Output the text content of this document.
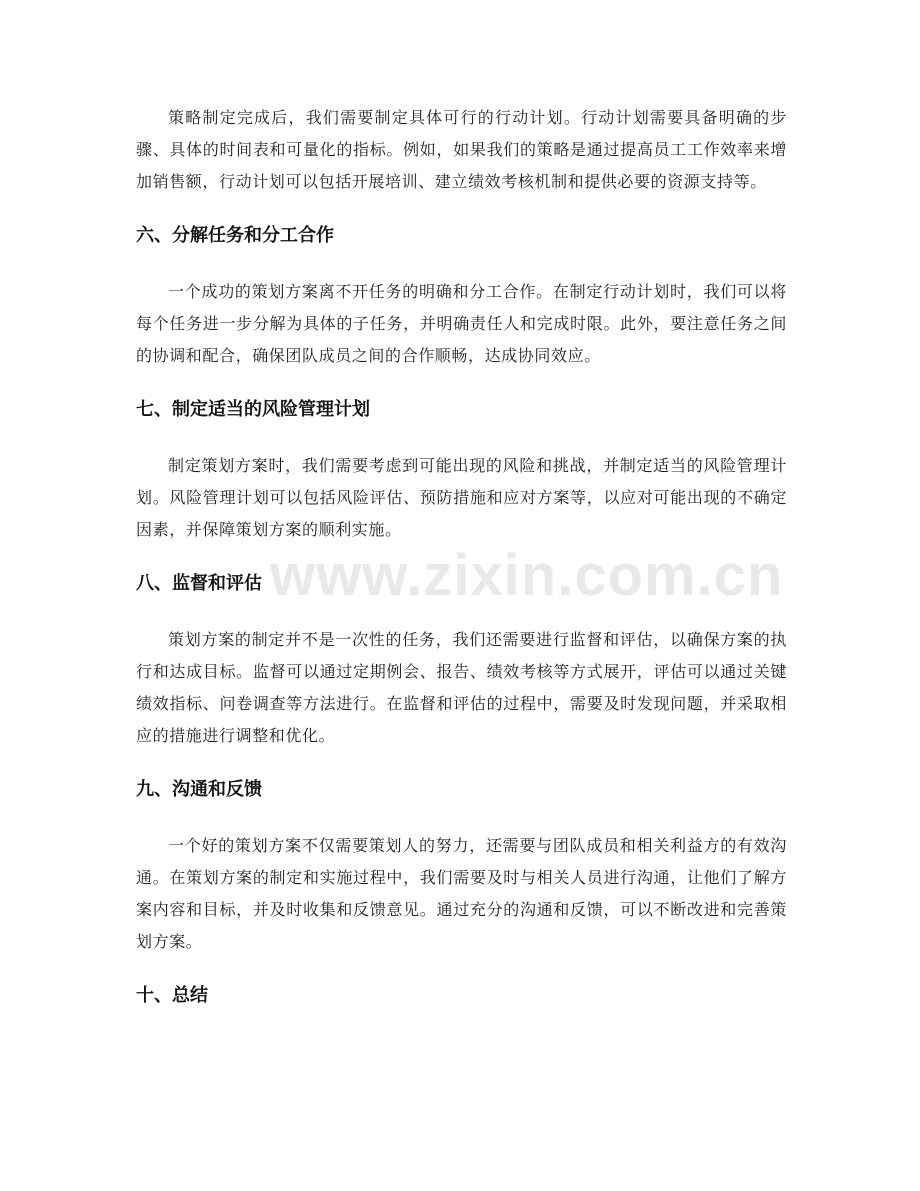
www.zixin.com.cn

策略制定完成后，我们需要制定具体可行的行动计划。行动计划需要具备明确的步骤、具体的时间表和可量化的指标。例如，如果我们的策略是通过提高员工工作效率来增加销售额，行动计划可以包括开展培训、建立绩效考核机制和提供必要的资源支持等。

六、分解任务和分工合作

一个成功的策划方案离不开任务的明确和分工合作。在制定行动计划时，我们可以将每个任务进一步分解为具体的子任务，并明确责任人和完成时限。此外，要注意任务之间的协调和配合，确保团队成员之间的合作顺畅，达成协同效应。

七、制定适当的风险管理计划

制定策划方案时，我们需要考虑到可能出现的风险和挑战，并制定适当的风险管理计划。风险管理计划可以包括风险评估、预防措施和应对方案等，以应对可能出现的不确定因素，并保障策划方案的顺利实施。

八、监督和评估

策划方案的制定并不是一次性的任务，我们还需要进行监督和评估，以确保方案的执行和达成目标。监督可以通过定期例会、报告、绩效考核等方式展开，评估可以通过关键绩效指标、问卷调查等方法进行。在监督和评估的过程中，需要及时发现问题，并采取相应的措施进行调整和优化。

九、沟通和反馈

一个好的策划方案不仅需要策划人的努力，还需要与团队成员和相关利益方的有效沟通。在策划方案的制定和实施过程中，我们需要及时与相关人员进行沟通，让他们了解方案内容和目标，并及时收集和反馈意见。通过充分的沟通和反馈，可以不断改进和完善策划方案。

十、总结
